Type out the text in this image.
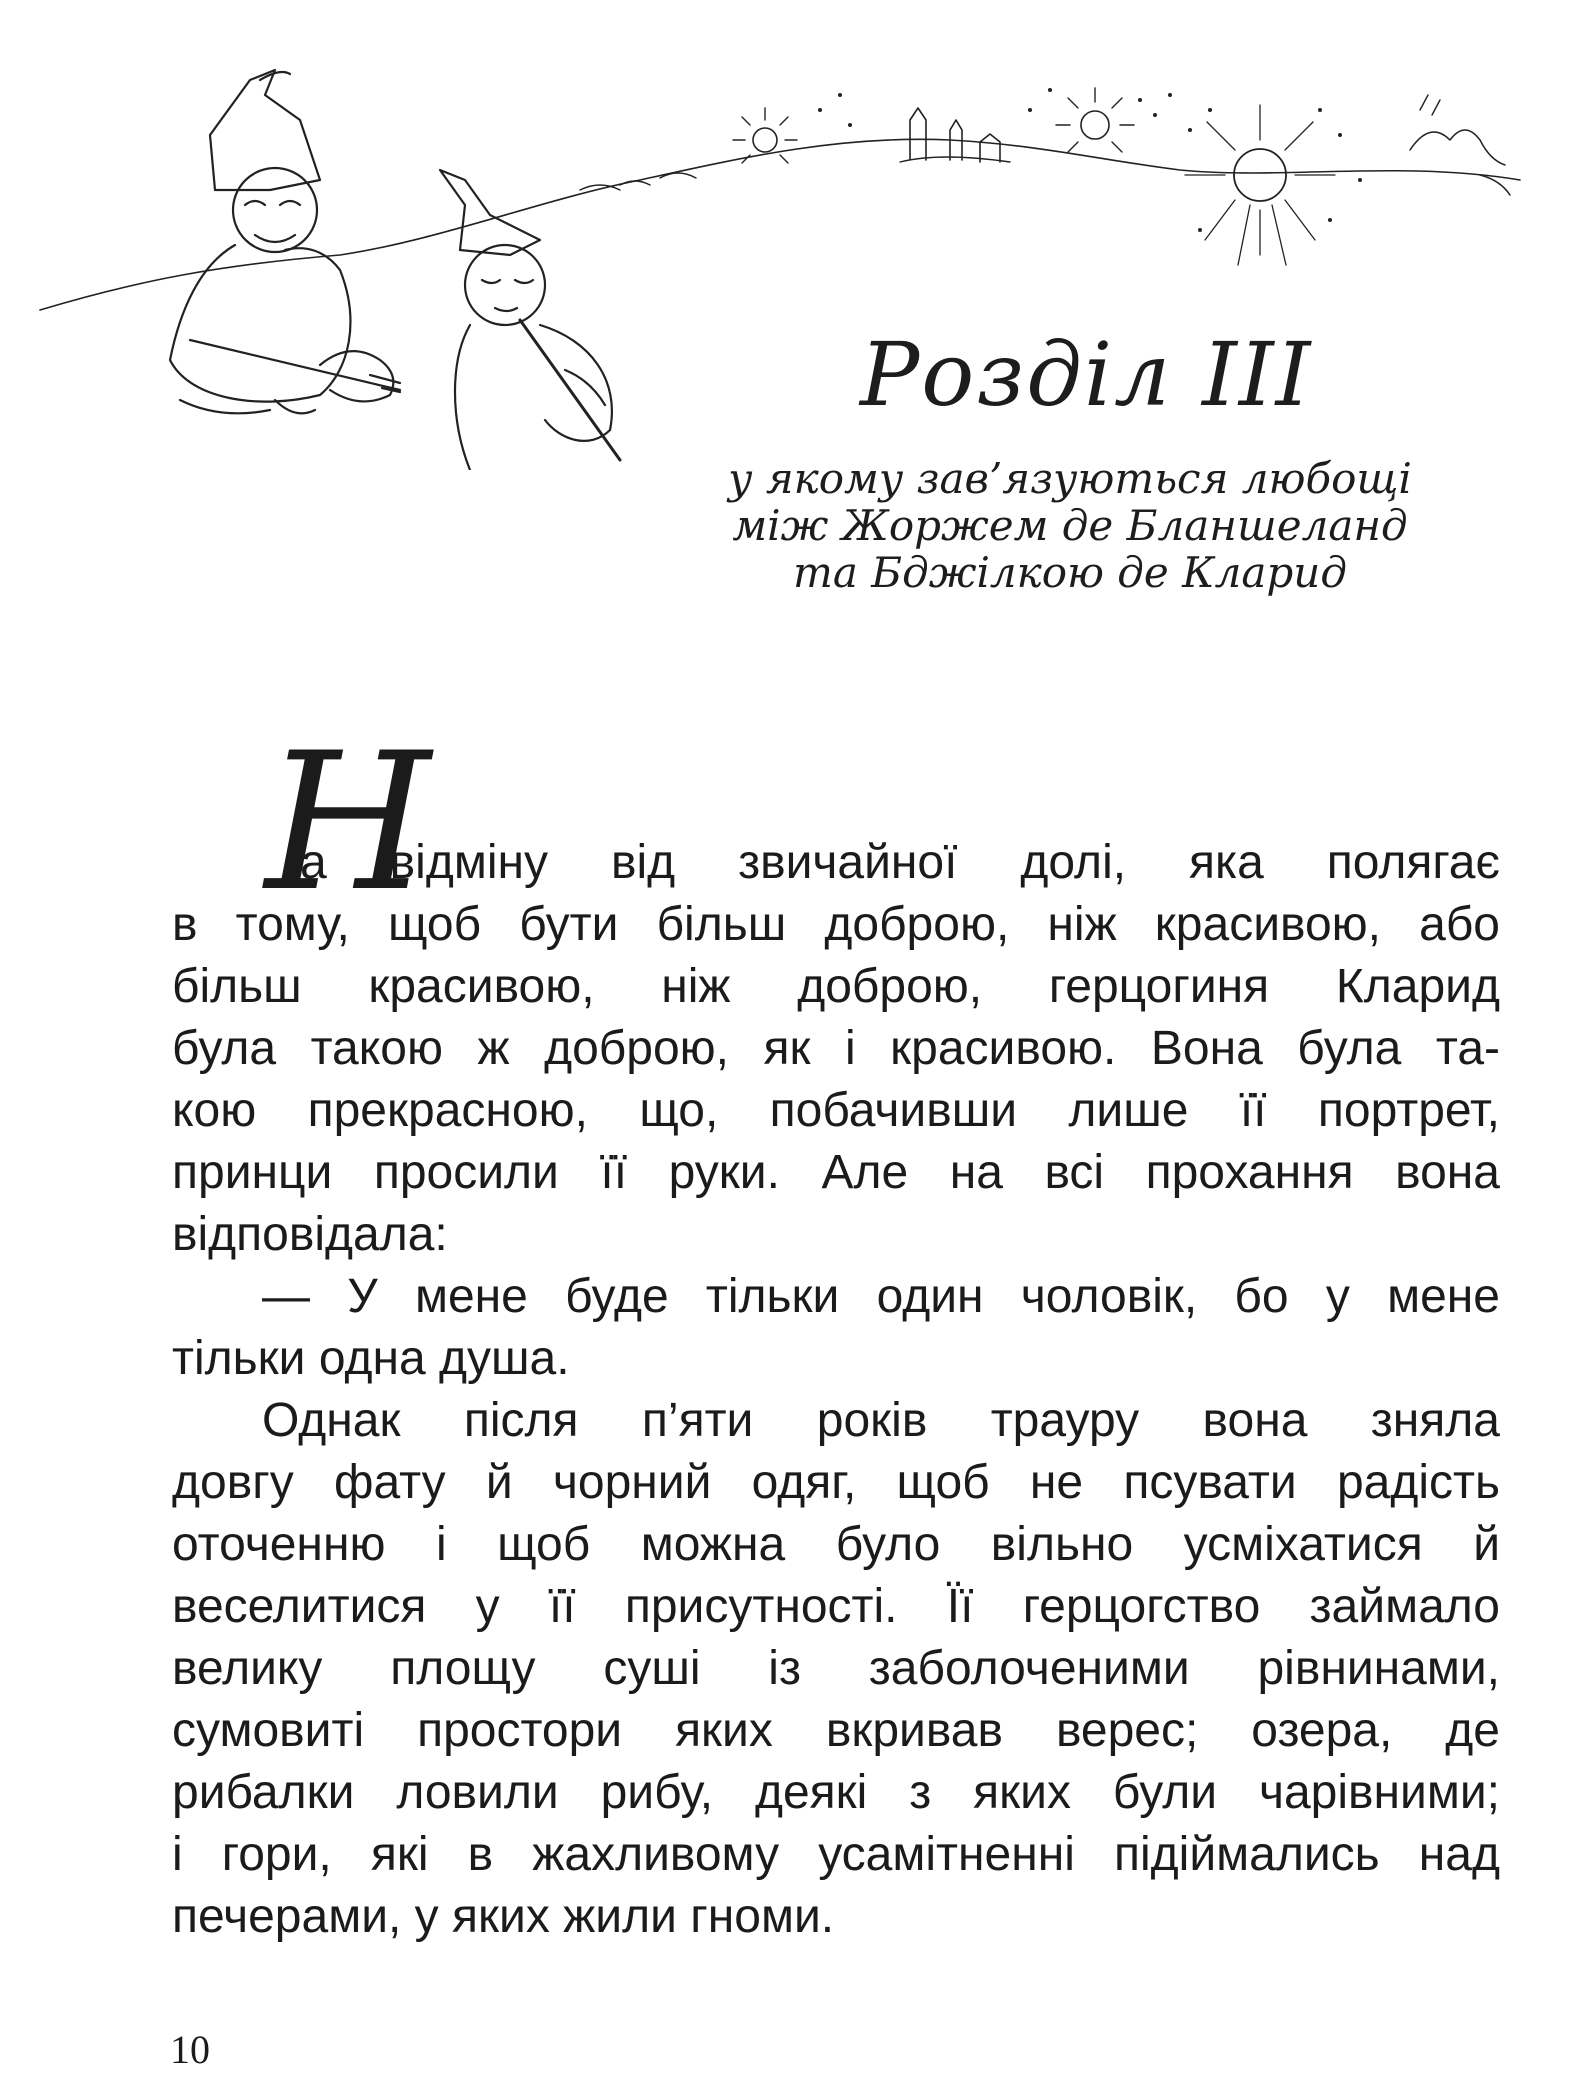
Розділ III
у якому зав’язуються любощі
між Жоржем де Бланшеланд
та Бджілкою де Кларид
Н
а відміну від звичайної долі, яка полягає
в тому, щоб бути більш доброю, ніж красивою, або
більш красивою, ніж доброю, герцогиня Кларид
була такою ж доброю, як і красивою. Вона була та-
кою прекрасною, що, побачивши лише її портрет,
принци просили її руки. Але на всі прохання вона
відповідала:
— У мене буде тільки один чоловік, бо у мене
тільки одна душа.
Однак після п’яти років трауру вона зняла
довгу фату й чорний одяг, щоб не псувати радість
оточенню і щоб можна було вільно усміхатися й
веселитися у її присутності. Її герцогство займало
велику площу суші із заболоченими рівнинами,
сумовиті простори яких вкривав верес; озера, де
рибалки ловили рибу, деякі з яких були чарівними;
і гори, які в жахливому усамітненні підіймались над
печерами, у яких жили гноми.
10
